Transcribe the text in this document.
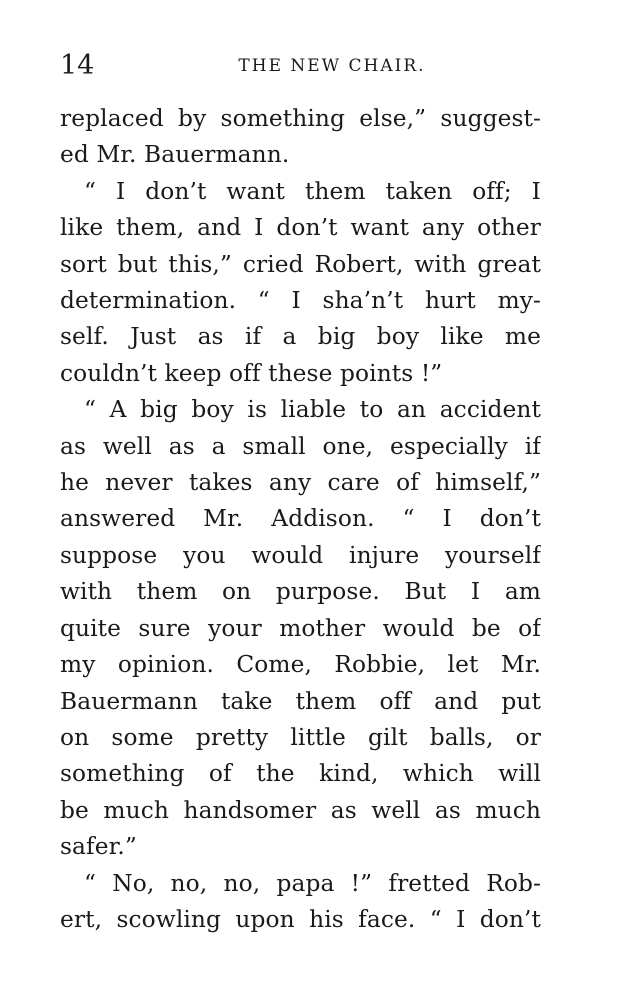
14	THE NEW CHAIR.
replaced by something else,” suggest-
ed Mr. Bauermann.
“ I don’t want them taken off; I
like them, and I don’t want any other
sort but this,” cried Robert, with great
determination. “ I sha’n’t hurt my-
self. Just as if a big boy like me
couldn’t keep off these points !”
“ A big boy is liable to an accident
as well as a small one, especially if
he never takes any care of himself,”
answered Mr. Addison. “ I don’t
suppose you would injure yourself
with them on purpose. But I am
quite sure your mother would be of
my opinion. Come, Robbie, let Mr.
Bauermann take them off and put
on some pretty little gilt balls, or
something of the kind, which will
be much handsomer as well as much
safer.”
“ No, no, no, papa !” fretted Rob-
ert, scowling upon his face. “ I don’t
